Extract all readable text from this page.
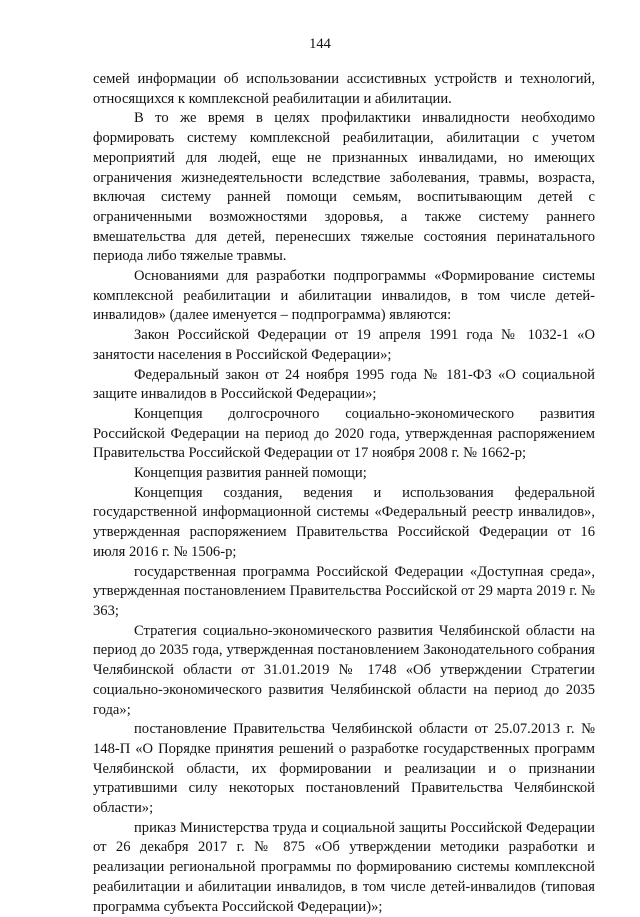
144

семей информации об использовании ассистивных устройств и технологий, относящихся к комплексной реабилитации и абилитации.

В то же время в целях профилактики инвалидности необходимо формировать систему комплексной реабилитации, абилитации с учетом мероприятий для людей, еще не признанных инвалидами, но имеющих ограничения жизнедеятельности вследствие заболевания, травмы, возраста, включая систему ранней помощи семьям, воспитывающим детей с ограниченными возможностями здоровья, а также систему раннего вмешательства для детей, перенесших тяжелые состояния перинатального периода либо тяжелые травмы.

Основаниями для разработки подпрограммы «Формирование системы комплексной реабилитации и абилитации инвалидов, в том числе детей-инвалидов» (далее именуется – подпрограмма) являются:

Закон Российской Федерации от 19 апреля 1991 года № 1032-1 «О занятости населения в Российской Федерации»;

Федеральный закон от 24 ноября 1995 года № 181-ФЗ «О социальной защите инвалидов в Российской Федерации»;

Концепция долгосрочного социально-экономического развития Российской Федерации на период до 2020 года, утвержденная распоряжением Правительства Российской Федерации от 17 ноября 2008 г. № 1662-р;

Концепция развития ранней помощи;

Концепция создания, ведения и использования федеральной государственной информационной системы «Федеральный реестр инвалидов», утвержденная распоряжением Правительства Российской Федерации от 16 июля 2016 г. № 1506-р;

государственная программа Российской Федерации «Доступная среда», утвержденная постановлением Правительства Российской от 29 марта 2019 г. № 363;

Стратегия социально-экономического развития Челябинской области на период до 2035 года, утвержденная постановлением Законодательного собрания Челябинской области от 31.01.2019 № 1748 «Об утверждении Стратегии социально-экономического развития Челябинской области на период до 2035 года»;

постановление Правительства Челябинской области от 25.07.2013 г. № 148-П «О Порядке принятия решений о разработке государственных программ Челябинской области, их формировании и реализации и о признании утратившими силу некоторых постановлений Правительства Челябинской области»;

приказ Министерства труда и социальной защиты Российской Федерации от 26 декабря 2017 г. № 875 «Об утверждении методики разработки и реализации региональной программы по формированию системы комплексной реабилитации и абилитации инвалидов, в том числе детей-инвалидов (типовая программа субъекта Российской Федерации)»;
